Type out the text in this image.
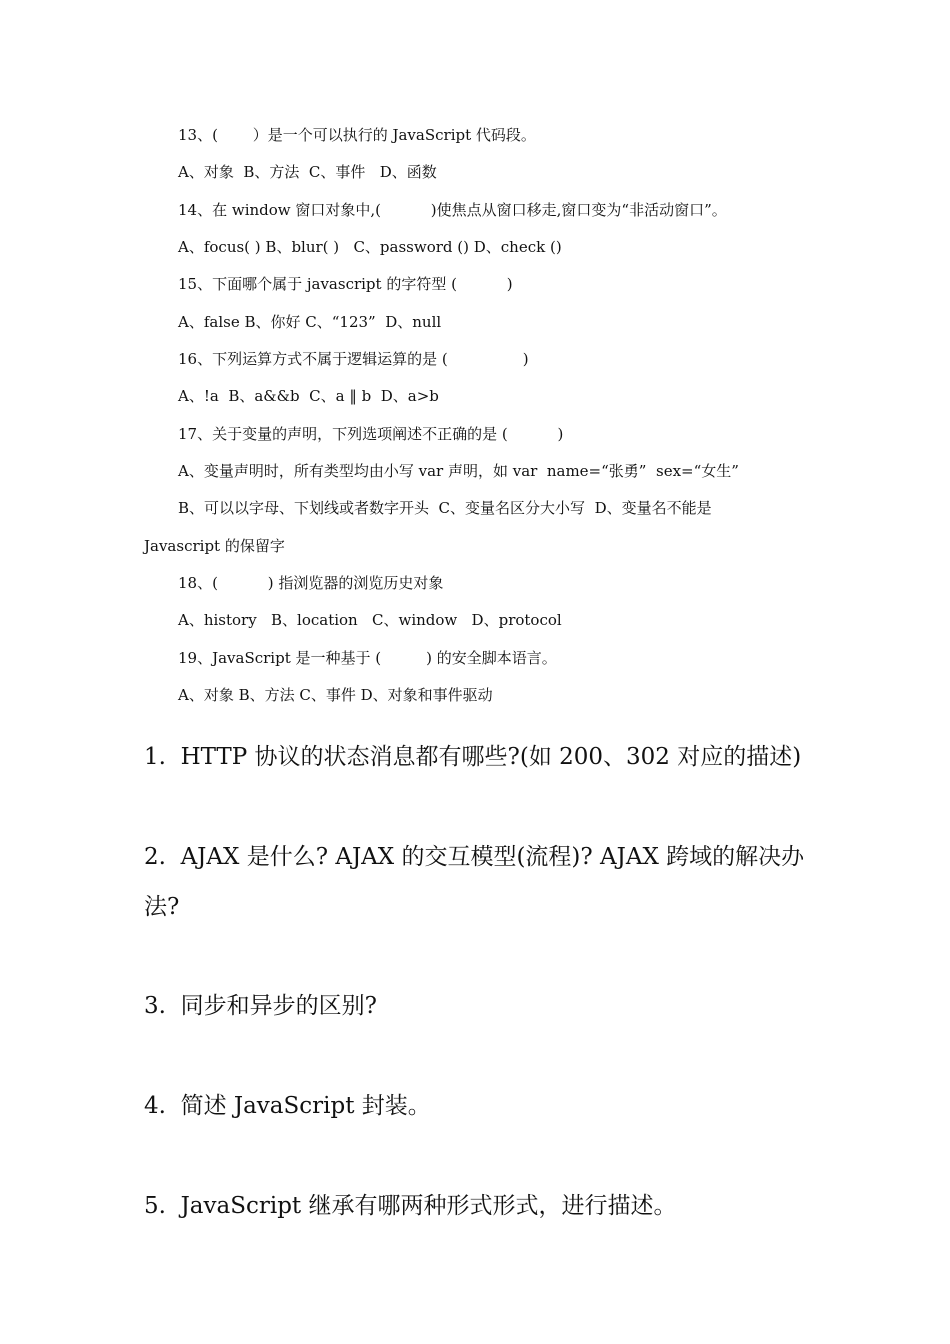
13、(　　 ）是一个可以执行的 JavaScript 代码段。
A、对象  B、方法  C、事件   D、函数
14、在 window 窗口对象中,(　　　 )使焦点从窗口移走,窗口变为“非活动窗口”。
A、focus( ) B、blur( )   C、password () D、check ()
15、下面哪个属于 javascript 的字符型 (　　　 )
A、false B、你好 C、“123”  D、null
16、下列运算方式不属于逻辑运算的是 (　　　　　)
A、!a  B、a&&b  C、a ‖ b  D、a>b
17、关于变量的声明，下列选项阐述不正确的是 (　　　 )
A、变量声明时，所有类型均由小写 var 声明，如 var  name=“张勇”  sex=“女生”
B、可以以字母、下划线或者数字开头  C、变量名区分大小写  D、变量名不能是
Javascript 的保留字
18、(　　　 ) 指浏览器的浏览历史对象
A、history   B、location   C、window   D、protocol
19、JavaScript 是一种基于 (　　　) 的安全脚本语言。
A、对象 B、方法 C、事件 D、对象和事件驱动
1.  HTTP 协议的状态消息都有哪些?(如 200、302 对应的描述)
2.  AJAX 是什么? AJAX 的交互模型(流程)? AJAX 跨域的解决办
法?
3.  同步和异步的区别?
4.  简述 JavaScript 封装。
5.  JavaScript 继承有哪两种形式形式，进行描述。
